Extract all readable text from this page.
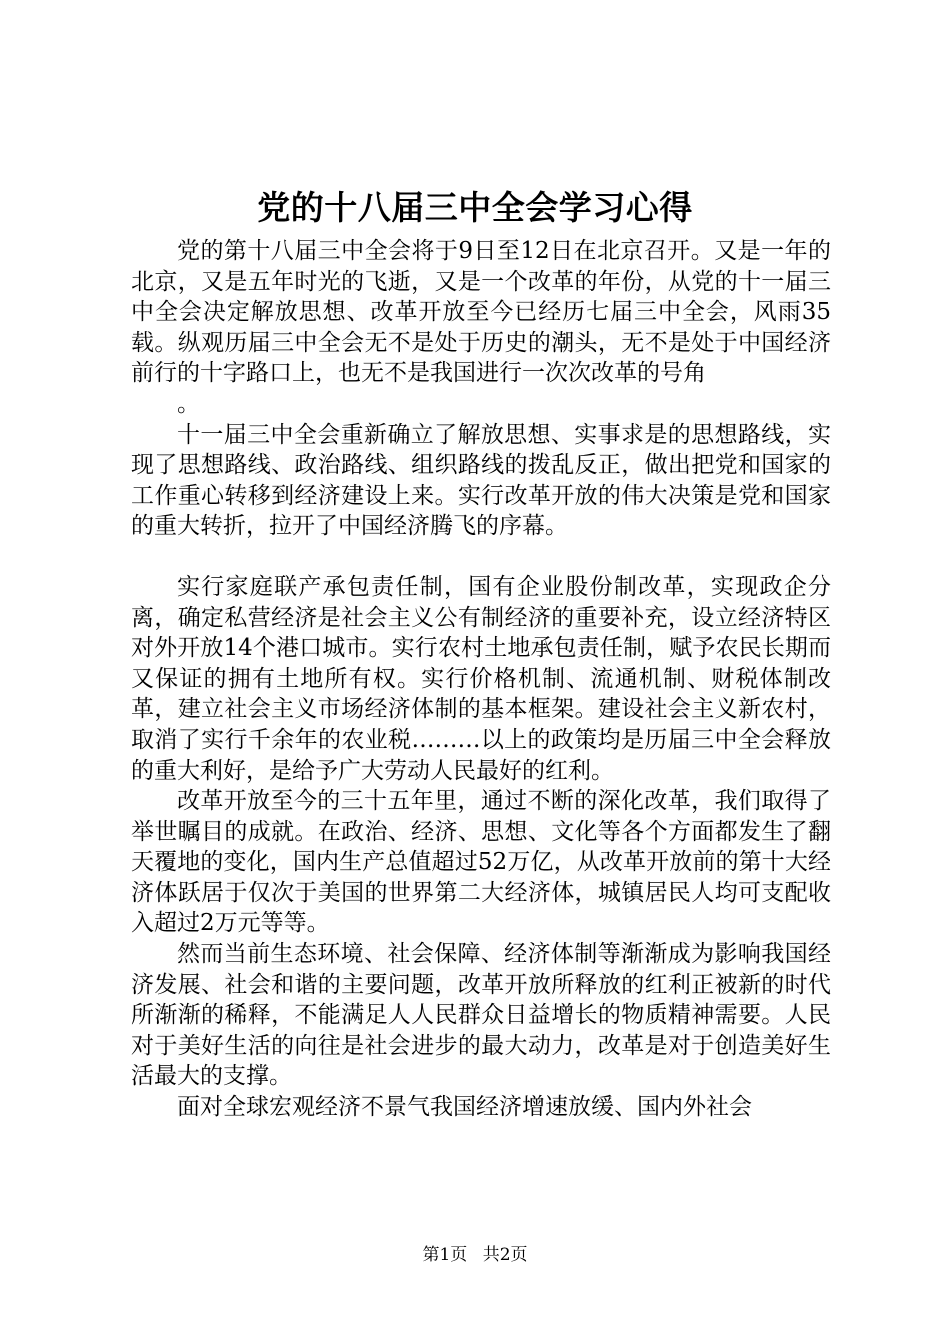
党的十八届三中全会学习心得

党的第十八届三中全会将于9日至12日在北京召开。又是一年的北京，又是五年时光的飞逝，又是一个改革的年份，从党的十一届三中全会决定解放思想、改革开放至今已经历七届三中全会，风雨35载。纵观历届三中全会无不是处于历史的潮头，无不是处于中国经济前行的十字路口上，也无不是我国进行一次次改革的号角

。

十一届三中全会重新确立了解放思想、实事求是的思想路线，实现了思想路线、政治路线、组织路线的拨乱反正，做出把党和国家的工作重心转移到经济建设上来。实行改革开放的伟大决策是党和国家的重大转折，拉开了中国经济腾飞的序幕。

实行家庭联产承包责任制，国有企业股份制改革，实现政企分离，确定私营经济是社会主义公有制经济的重要补充，设立经济特区对外开放14个港口城市。实行农村土地承包责任制，赋予农民长期而又保证的拥有土地所有权。实行价格机制、流通机制、财税体制改革，建立社会主义市场经济体制的基本框架。建设社会主义新农村，取消了实行千余年的农业税………以上的政策均是历届三中全会释放的重大利好，是给予广大劳动人民最好的红利。

改革开放至今的三十五年里，通过不断的深化改革，我们取得了举世瞩目的成就。在政治、经济、思想、文化等各个方面都发生了翻天覆地的变化，国内生产总值超过52万亿，从改革开放前的第十大经济体跃居于仅次于美国的世界第二大经济体，城镇居民人均可支配收入超过2万元等等。

然而当前生态环境、社会保障、经济体制等渐渐成为影响我国经济发展、社会和谐的主要问题，改革开放所释放的红利正被新的时代所渐渐的稀释，不能满足人人民群众日益增长的物质精神需要。人民对于美好生活的向往是社会进步的最大动力，改革是对于创造美好生活最大的支撑。

面对全球宏观经济不景气我国经济增速放缓、国内外社会

第1页 共2页
